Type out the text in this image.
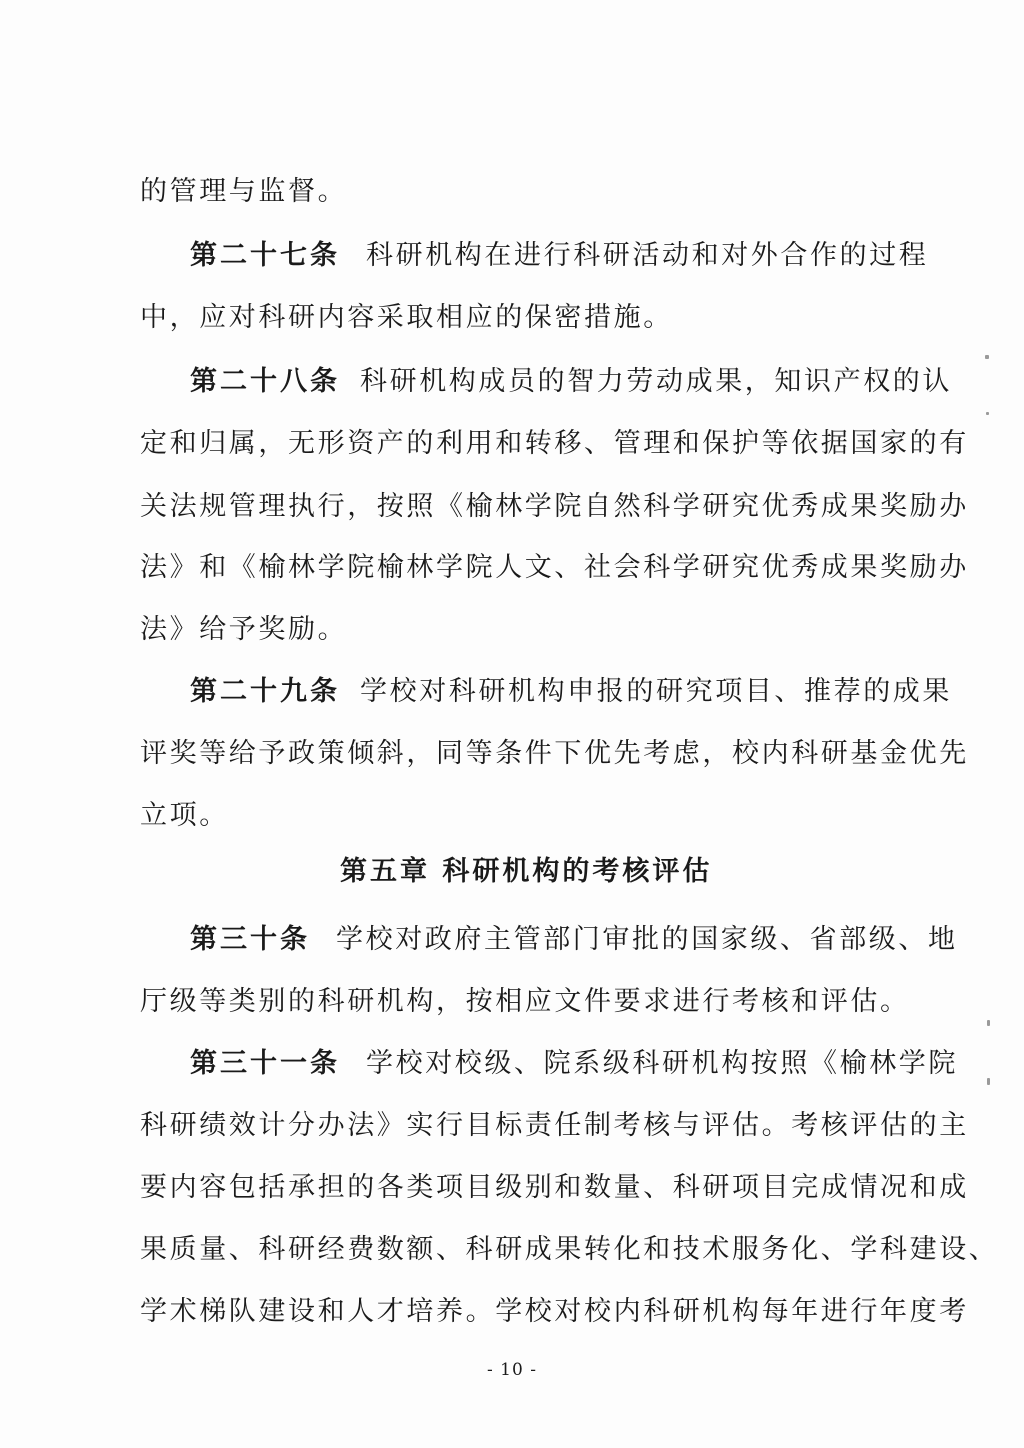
的管理与监督。
第二十七条 科研机构在进行科研活动和对外合作的过程
中，应对科研内容采取相应的保密措施。
第二十八条 科研机构成员的智力劳动成果，知识产权的认
定和归属，无形资产的利用和转移、管理和保护等依据国家的有
关法规管理执行，按照《榆林学院自然科学研究优秀成果奖励办
法》和《榆林学院榆林学院人文、社会科学研究优秀成果奖励办
法》给予奖励。
第二十九条 学校对科研机构申报的研究项目、推荐的成果
评奖等给予政策倾斜，同等条件下优先考虑，校内科研基金优先
立项。
第五章 科研机构的考核评估
第三十条 学校对政府主管部门审批的国家级、省部级、地
厅级等类别的科研机构，按相应文件要求进行考核和评估。
第三十一条 学校对校级、院系级科研机构按照《榆林学院
科研绩效计分办法》实行目标责任制考核与评估。考核评估的主
要内容包括承担的各类项目级别和数量、科研项目完成情况和成
果质量、科研经费数额、科研成果转化和技术服务化、学科建设、
学术梯队建设和人才培养。学校对校内科研机构每年进行年度考
- 10 -
